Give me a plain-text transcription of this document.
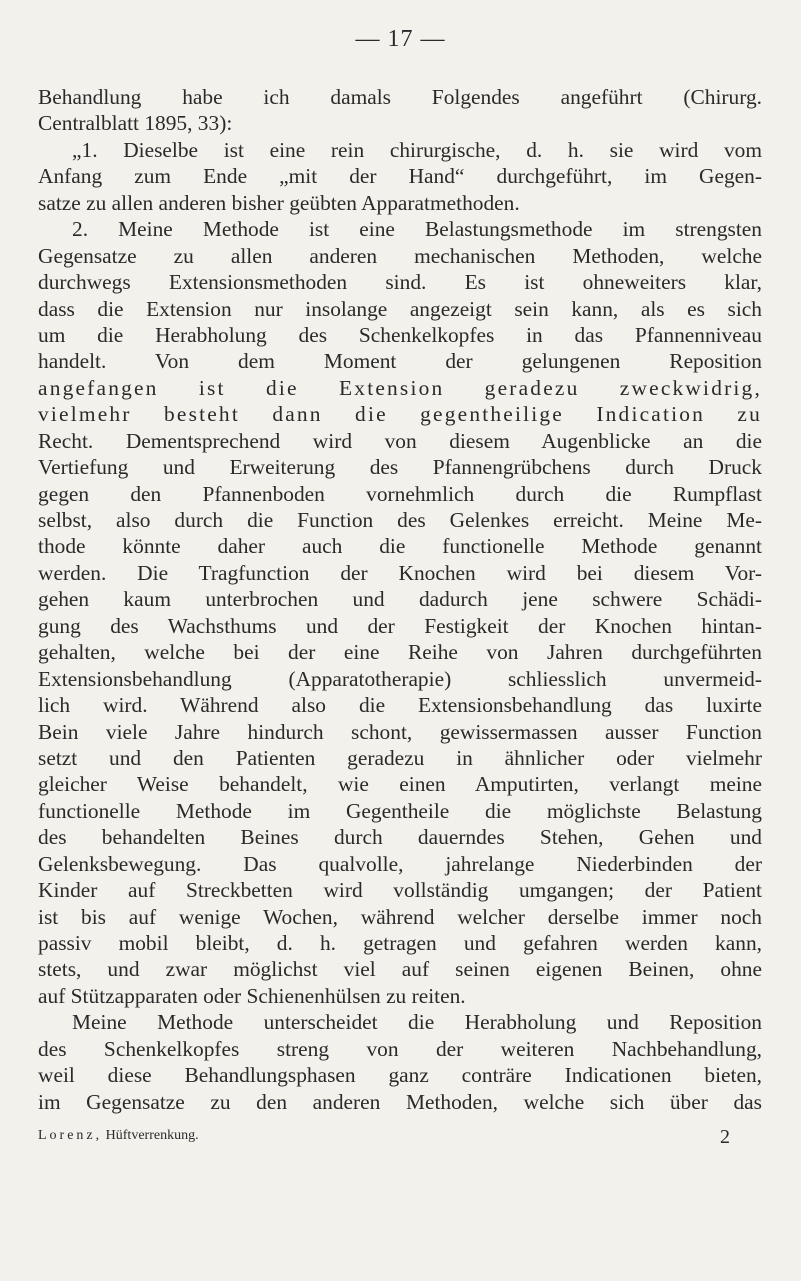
— 17 —
Behandlung habe ich damals Folgendes angeführt (Chirurg.
Centralblatt 1895, 33):
„1. Dieselbe ist eine rein chirurgische, d. h. sie wird vom
Anfang zum Ende „mit der Hand“ durchgeführt, im Gegen-
satze zu allen anderen bisher geübten Apparatmethoden.
2. Meine Methode ist eine Belastungsmethode im strengsten
Gegensatze zu allen anderen mechanischen Methoden, welche
durchwegs Extensionsmethoden sind. Es ist ohneweiters klar,
dass die Extension nur insolange angezeigt sein kann, als es sich
um die Herabholung des Schenkelkopfes in das Pfannenniveau
handelt. Von dem Moment der gelungenen Reposition
angefangen ist die Extension geradezu zweckwidrig,
vielmehr besteht dann die gegentheilige Indication zu
Recht. Dementsprechend wird von diesem Augenblicke an die
Vertiefung und Erweiterung des Pfannengrübchens durch Druck
gegen den Pfannenboden vornehmlich durch die Rumpflast
selbst, also durch die Function des Gelenkes erreicht. Meine Me-
thode könnte daher auch die functionelle Methode genannt
werden. Die Tragfunction der Knochen wird bei diesem Vor-
gehen kaum unterbrochen und dadurch jene schwere Schädi-
gung des Wachsthums und der Festigkeit der Knochen hintan-
gehalten, welche bei der eine Reihe von Jahren durchgeführten
Extensionsbehandlung (Apparatotherapie) schliesslich unvermeid-
lich wird. Während also die Extensionsbehandlung das luxirte
Bein viele Jahre hindurch schont, gewissermassen ausser Function
setzt und den Patienten geradezu in ähnlicher oder vielmehr
gleicher Weise behandelt, wie einen Amputirten, verlangt meine
functionelle Methode im Gegentheile die möglichste Belastung
des behandelten Beines durch dauerndes Stehen, Gehen und
Gelenksbewegung. Das qualvolle, jahrelange Niederbinden der
Kinder auf Streckbetten wird vollständig umgangen; der Patient
ist bis auf wenige Wochen, während welcher derselbe immer noch
passiv mobil bleibt, d. h. getragen und gefahren werden kann,
stets, und zwar möglichst viel auf seinen eigenen Beinen, ohne
auf Stützapparaten oder Schienenhülsen zu reiten.
Meine Methode unterscheidet die Herabholung und Reposition
des Schenkelkopfes streng von der weiteren Nachbehandlung,
weil diese Behandlungsphasen ganz conträre Indicationen bieten,
im Gegensatze zu den anderen Methoden, welche sich über das
Lorenz, Hüftverrenkung.	2
